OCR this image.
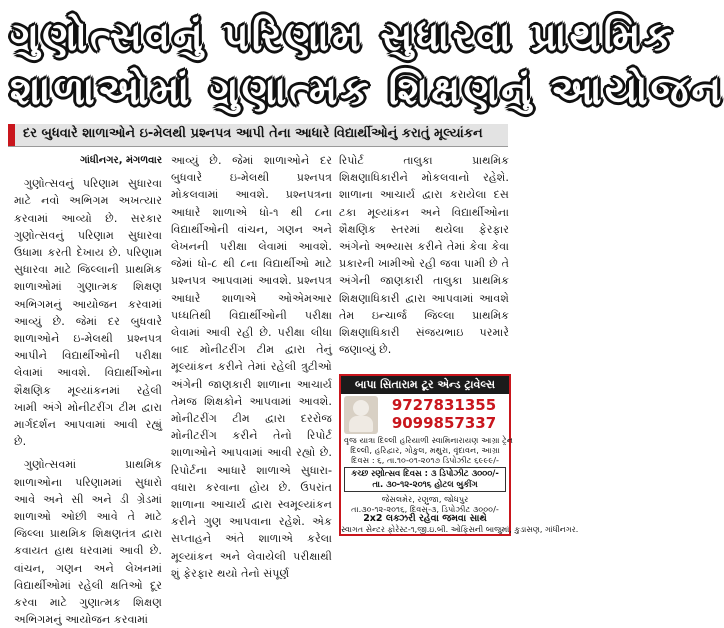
ગુણોત્સવનું પરિણામ સુધારવા પ્રાથમિક
શાળાઓમાં ગુણાત્મક શિક્ષણનું આયોજન
દર બુધવારે શાળાઓને ઇ-મેલથી પ્રશ્નપત્ર આપી તેના આધારે વિદ્યાર્થીઓનું કરાતું મૂલ્યાંકન

ગાંધીનગર, મંગળવાર

ગુણોત્સવનું પરિણામ સુધારવા માટે નવો અભિગમ અખત્યાર કરવામાં આવ્યો છે. સરકાર ગુણોત્સવનું પરિણામ સુધારવા ઉધામા કરતી દેખાય છે. પરિણામ સુધારવા માટે જિલ્લાની પ્રાથમિક શાળાઓમાં ગુણાત્મક શિક્ષણ અભિગમનું આયોજન કરવામાં આવ્યું છે. જેમાં દર બુધવારે શાળાઓને ઇ-મેલથી પ્રશ્નપત્ર આપીને વિદ્યાર્થીઓની પરીક્ષા લેવામાં આવશે. વિદ્યાર્થીઓના શૈક્ષણિક મૂલ્યાંકનમાં રહેલી ખામી અંગે મોનીટરીંગ ટીમ દ્વારા માર્ગદર્શન આપવામાં આવી રહ્યું છે.

ગુણોત્સવમાં પ્રાથમિક શાળાઓના પરિણામમાં સુધારો આવે અને સી અને ડી ગ્રેડમાં શાળાઓ ઓછી આવે તે માટે જિલ્લા પ્રાથમિક શિક્ષણતંત્ર દ્વારા કવાયત હાથ ધરવામાં આવી છે. વાંચન, ગણન અને લેખનમાં વિદ્યાર્થીઓમાં રહેલી ક્ષતિઓ દૂર કરવા માટે ગુણાત્મક શિક્ષણ અભિગમનું આયોજન કરવામાં

આવ્યું છે. જેમાં શાળાઓને દર બુધવારે ઇ-મેલથી પ્રશ્નપત્ર મોકલવામાં આવશે. પ્રશ્નપત્રના આધારે શાળાએ ધો-૧ થી ૮ના વિદ્યાર્થીઓની વાંચન, ગણન અને લેખનની પરીક્ષા લેવામાં આવશે. જેમાં ધો-૮ થી ૮ના વિદ્યાર્થીઓ માટે પ્રશ્નપત્ર આપવામાં આવશે. પ્રશ્નપત્ર આધારે શાળાએ ઓએમઆર પધ્ધતિથી વિદ્યાર્થીઓની પરીક્ષા લેવામાં આવી રહી છે. પરીક્ષા લીધા બાદ મોનીટરીંગ ટીમ દ્વારા તેનું મૂલ્યાંકન કરીને તેમાં રહેલી ત્રુટીઓ અંગેની જાણકારી શાળાના આચાર્ય તેમજ શિક્ષકોને આપવામાં આવશે. મોનીટરીંગ ટીમ દ્વારા દરરોજ મોનીટરીંગ કરીને તેનો રિપોર્ટ શાળાઓને આપવામાં આવી રહ્યો છે. રિપોર્ટના આધારે શાળાએ સુધારા-વધારા કરવાના હોય છે. ઉપરાંત શાળાના આચાર્ય દ્વારા સ્વમૂલ્યાંકન કરીને ગુણ આપવાના રહેશે. એક સપ્તાહને અંતે શાળાએ કરેલા મૂલ્યાંકન અને લેવાયેલી પરીક્ષાથી શું ફેરફાર થયો તેનો સંપૂર્ણ

રિપોર્ટ તાલુકા પ્રાથમિક શિક્ષણાધિકારીને મોકલવાનો રહેશે. શાળાના આચાર્ય દ્વારા કરાયેલા દસ ટકા મૂલ્યાંકન અને વિદ્યાર્થીઓના શૈક્ષણિક સ્તરમાં થયેલા ફેરફાર અંગેનો અભ્યાસ કરીને તેમાં કેવા કેવા પ્રકારની ખામીઓ રહી જવા પામી છે તે અંગેની જાણકારી તાલુકા પ્રાથમિક શિક્ષણાધિકારી દ્વારા આપવામાં આવશે તેમ ઇન્ચાર્જ જિલ્લા પ્રાથમિક શિક્ષણાધિકારી સંજયભાઇ પરમારે જણાવ્યું છે.

બાપા સિતારામ ટૂર એન્ડ ટ્રાવેલ્સ
9727831355
9099857337
વૃજ યાત્રા દિલ્લી હરિયાળી સ્વામિનારાયણ આગ્રા ટ્રેન
દિલ્લી, હરિદ્વાર, ગોકુલ, મથુરા, વૃંદાવન, આગ્રા
દિવસ : ૬, તા.૧૦-૦૧-૨૦૧૭ ડિપોઝીટ ૬૯૯૯/-
કચ્છ રણોત્સવ દિવસ : ૩ ડિપોઝીટ ૩૦૦૦/-
તા. ૩૦-૧૨-૨૦૧૬ હોટલ બુકીંગ
જેસલમેર, રણુજા, જોધપુર
તા.૩૦-૧૨-૨૦૧૬, દિવસ-૩, ડિપોઝીટ ૩૦૦૦/-
2x2 લક્ઝરી રહેવા જમવા સાથે
સ્વાગત સેન્ટર ફોરેસ્ટ-૧,જી.ઇ.બી. ઓફિસની બાજુમાં, કુડાસણ, ગાંધીનગર.
